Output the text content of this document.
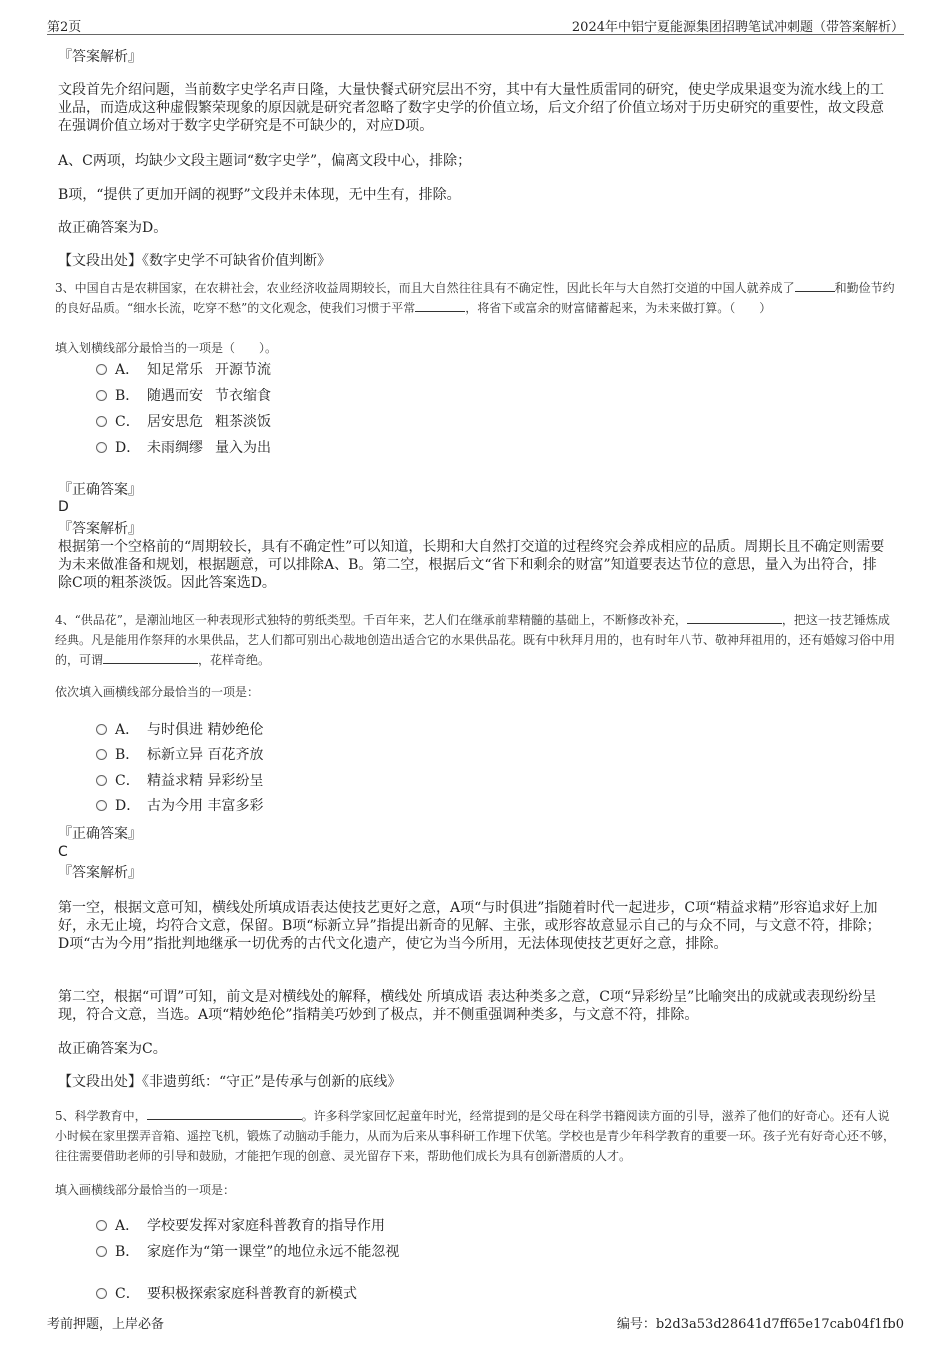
第2页	2024年中铝宁夏能源集团招聘笔试冲刺题（带答案解析）
『答案解析』
文段首先介绍问题，当前数字史学名声日隆，大量快餐式研究层出不穷，其中有大量性质雷同的研究，使史学成果退变为流水线上的工业品，而造成这种虚假繁荣现象的原因就是研究者忽略了数字史学的价值立场，后文介绍了价值立场对于历史研究的重要性，故文段意在强调价值立场对于数字史学研究是不可缺少的，对应D项。
A、C两项，均缺少文段主题词“数字史学”，偏离文段中心，排除；
B项，“提供了更加开阔的视野”文段并未体现，无中生有，排除。
故正确答案为D。
【文段出处】《数字史学不可缺省价值判断》
3、中国自古是农耕国家，在农耕社会，农业经济收益周期较长，而且大自然往往具有不确定性，因此长年与大自然打交道的中国人就养成了	和勤俭节约的良好品质。“细水长流，吃穿不愁”的文化观念，使我们习惯于平常	，将省下或富余的财富储蓄起来，为未来做打算。（　　）
填入划横线部分最恰当的一项是（　　）。
A． 知足常乐 开源节流
B． 随遇而安 节衣缩食
C． 居安思危 粗茶淡饭
D． 未雨绸缪 量入为出
『正确答案』
D
『答案解析』
根据第一个空格前的“周期较长，具有不确定性”可以知道，长期和大自然打交道的过程终究会养成相应的品质。周期长且不确定则需要为未来做准备和规划，根据题意，可以排除A、B。第二空，根据后文“省下和剩余的财富”知道要表达节位的意思，量入为出符合，排除C项的粗茶淡饭。因此答案选D。
4、“供品花”，是潮汕地区一种表现形式独特的剪纸类型。千百年来，艺人们在继承前辈精髓的基础上，不断修改补充，	，把这一技艺锤炼成经典。凡是能用作祭拜的水果供品，艺人们都可别出心裁地创造出适合它的水果供品花。既有中秋拜月用的，也有时年八节、敬神拜祖用的，还有婚嫁习俗中用的，可谓	，花样奇绝。
依次填入画横线部分最恰当的一项是：
A． 与时俱进 精妙绝伦
B． 标新立异 百花齐放
C． 精益求精 异彩纷呈
D． 古为今用 丰富多彩
『正确答案』
C
『答案解析』
第一空，根据文意可知，横线处所填成语表达使技艺更好之意，A项“与时俱进”指随着时代一起进步，C项“精益求精”形容追求好上加好，永无止境，均符合文意，保留。B项“标新立异”指提出新奇的见解、主张，或形容故意显示自己的与众不同，与文意不符，排除；D项“古为今用”指批判地继承一切优秀的古代文化遗产，使它为当今所用，无法体现使技艺更好之意，排除。
第二空，根据“可谓”可知，前文是对横线处的解释，横线处 所填成语 表达种类多之意，C项“异彩纷呈”比喻突出的成就或表现纷纷呈现，符合文意，当选。A项“精妙绝伦”指精美巧妙到了极点，并不侧重强调种类多，与文意不符，排除。
故正确答案为C。
【文段出处】《非遗剪纸：“守正”是传承与创新的底线》
5、科学教育中，	。许多科学家回忆起童年时光，经常提到的是父母在科学书籍阅读方面的引导，滋养了他们的好奇心。还有人说小时候在家里摆弄音箱、遥控飞机，锻炼了动脑动手能力，从而为后来从事科研工作埋下伏笔。学校也是青少年科学教育的重要一环。孩子光有好奇心还不够，往往需要借助老师的引导和鼓励，才能把乍现的创意、灵光留存下来，帮助他们成长为具有创新潜质的人才。
填入画横线部分最恰当的一项是：
A． 学校要发挥对家庭科普教育的指导作用
B． 家庭作为“第一课堂”的地位永远不能忽视
C． 要积极探索家庭科普教育的新模式
考前押题，上岸必备	编号：b2d3a53d28641d7ff65e17cab04f1fb0
